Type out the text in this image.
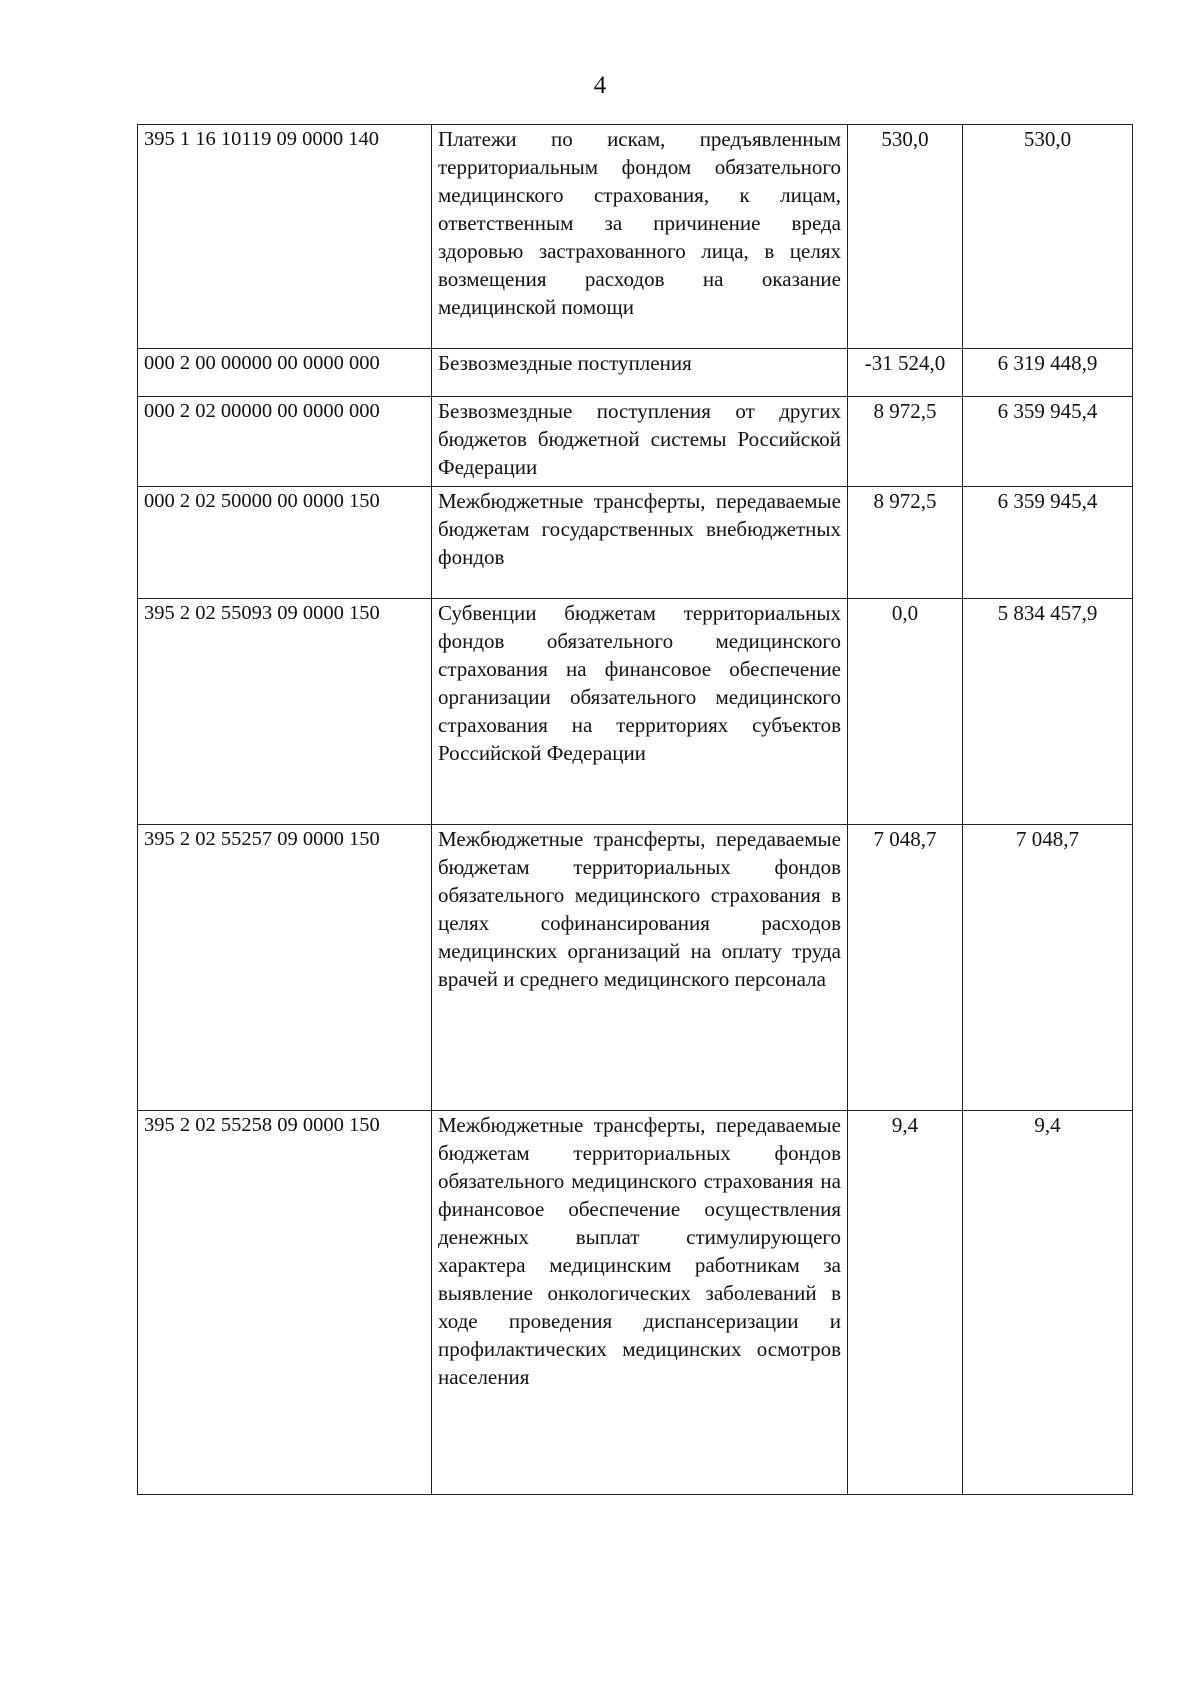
4
395 1 16 10119 09 0000 140	Платежи по искам, предъявленным территориальным фондом обязательного медицинского страхования, к лицам, ответственным за причинение вреда здоровью застрахованного лица, в целях возмещения расходов на оказание медицинской помощи	530,0	530,0
000 2 00 00000 00 0000 000	Безвозмездные поступления	-31 524,0	6 319 448,9
000 2 02 00000 00 0000 000	Безвозмездные поступления от других бюджетов бюджетной системы Российской Федерации	8 972,5	6 359 945,4
000 2 02 50000 00 0000 150	Межбюджетные трансферты, передаваемые бюджетам государственных внебюджетных фондов	8 972,5	6 359 945,4
395 2 02 55093 09 0000 150	Субвенции бюджетам территориальных фондов обязательного медицинского страхования на финансовое обеспечение организации обязательного медицинского страхования на территориях субъектов Российской Федерации	0,0	5 834 457,9
395 2 02 55257 09 0000 150	Межбюджетные трансферты, передаваемые бюджетам территориальных фондов обязательного медицинского страхования в целях софинансирования расходов медицинских организаций на оплату труда врачей и среднего медицинского персонала	7 048,7	7 048,7
395 2 02 55258 09 0000 150	Межбюджетные трансферты, передаваемые бюджетам территориальных фондов обязательного медицинского страхования на финансовое обеспечение осуществления денежных выплат стимулирующего характера медицинским работникам за выявление онкологических заболеваний в ходе проведения диспансеризации и профилактических медицинских осмотров населения	9,4	9,4
